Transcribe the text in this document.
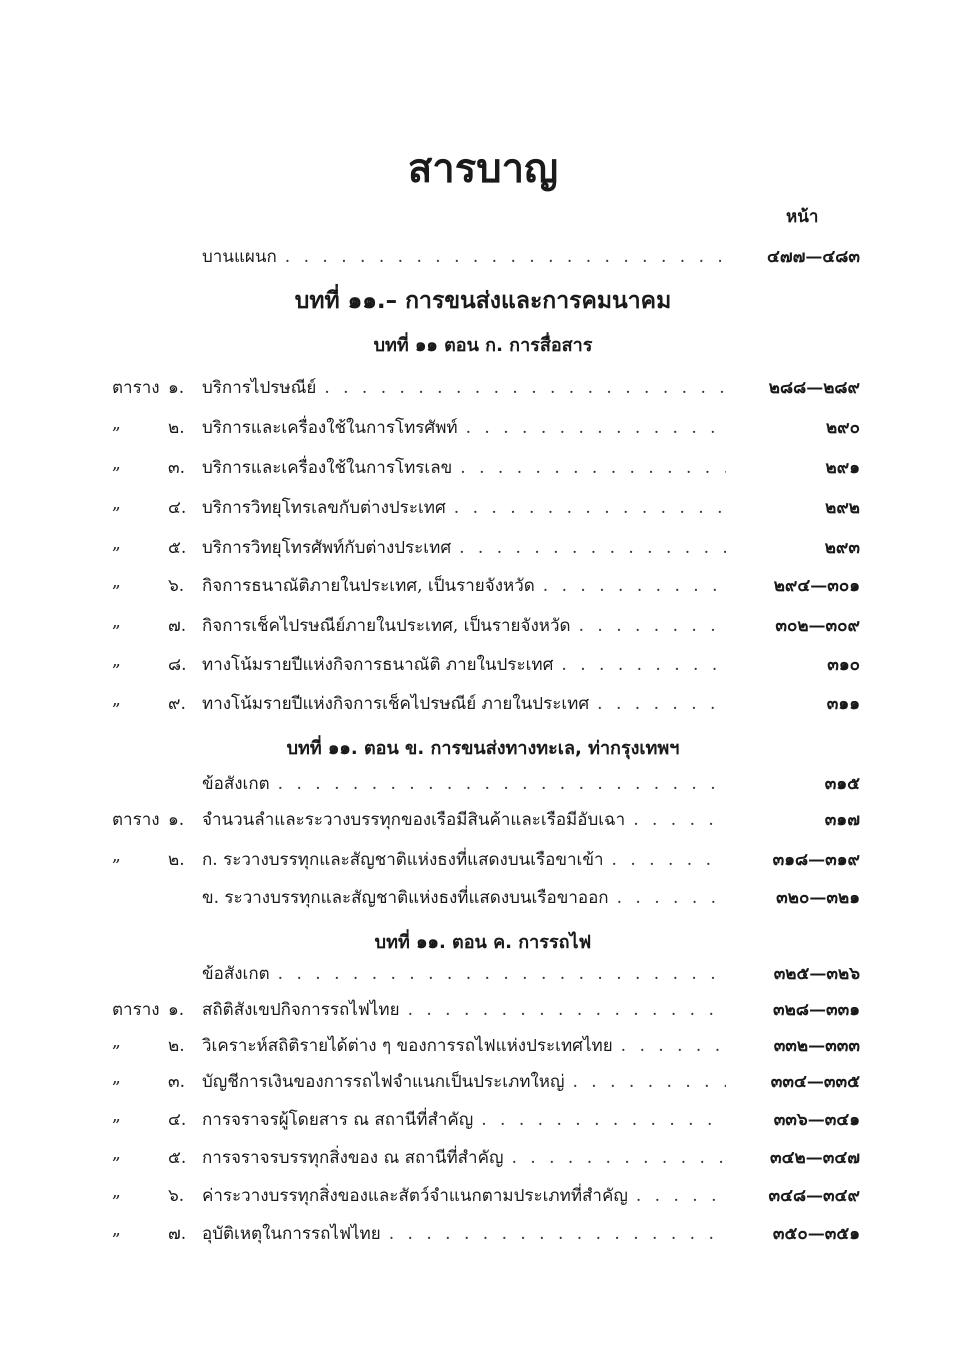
สารบาญ
หน้า
บานแผนก . . .	๔๗๗—๔๘๓
บทที่ ๑๑.– การขนส่งและการคมนาคม
บทที่ ๑๑ ตอน ก. การสื่อสาร
ตาราง ๑. บริการไปรษณีย์ . . .	๒๘๘—๒๘๙
„	๒. บริการและเครื่องใช้ในการโทรศัพท์ . . .	๒๙๐
„	๓. บริการและเครื่องใช้ในการโทรเลข . . .	๒๙๑
„	๔. บริการวิทยุโทรเลขกับต่างประเทศ . . .	๒๙๒
„	๕. บริการวิทยุโทรศัพท์กับต่างประเทศ . . .	๒๙๓
„	๖. กิจการธนาณัติภายในประเทศ, เป็นรายจังหวัด . . .	๒๙๔—๓๐๑
„	๗. กิจการเช็คไปรษณีย์ภายในประเทศ, เป็นรายจังหวัด . . .	๓๐๒—๓๐๙
„	๘. ทางโน้มรายปีแห่งกิจการธนาณัติ ภายในประเทศ . . .	๓๑๐
„	๙. ทางโน้มรายปีแห่งกิจการเช็คไปรษณีย์ ภายในประเทศ . . .	๓๑๑
บทที่ ๑๑. ตอน ข. การขนส่งทางทะเล, ท่ากรุงเทพฯ
ข้อสังเกต . . .	๓๑๕
ตาราง ๑. จำนวนลำและระวางบรรทุกของเรือมีสินค้าและเรือมีอับเฉา . . .	๓๑๗
„	๒. ก. ระวางบรรทุกและสัญชาติแห่งธงที่แสดงบนเรือขาเข้า . . .	๓๑๘—๓๑๙
ข. ระวางบรรทุกและสัญชาติแห่งธงที่แสดงบนเรือขาออก . . .	๓๒๐—๓๒๑
บทที่ ๑๑. ตอน ค. การรถไฟ
ข้อสังเกต . . .	๓๒๕—๓๒๖
ตาราง ๑. สถิติสังเขปกิจการรถไฟไทย . . .	๓๒๘—๓๓๑
„	๒. วิเคราะห์สถิติรายได้ต่าง ๆ ของการรถไฟแห่งประเทศไทย . . .	๓๓๒—๓๓๓
„	๓. บัญชีการเงินของการรถไฟจำแนกเป็นประเภทใหญ่ . . .	๓๓๔—๓๓๕
„	๔. การจราจรผู้โดยสาร ณ สถานีที่สำคัญ . . .	๓๓๖—๓๔๑
„	๕. การจราจรบรรทุกสิ่งของ ณ สถานีที่สำคัญ . . .	๓๔๒—๓๔๗
„	๖. ค่าระวางบรรทุกสิ่งของและสัตว์จำแนกตามประเภทที่สำคัญ . . .	๓๔๘—๓๔๙
„	๗. อุบัติเหตุในการรถไฟไทย . . .	๓๕๐—๓๕๑
